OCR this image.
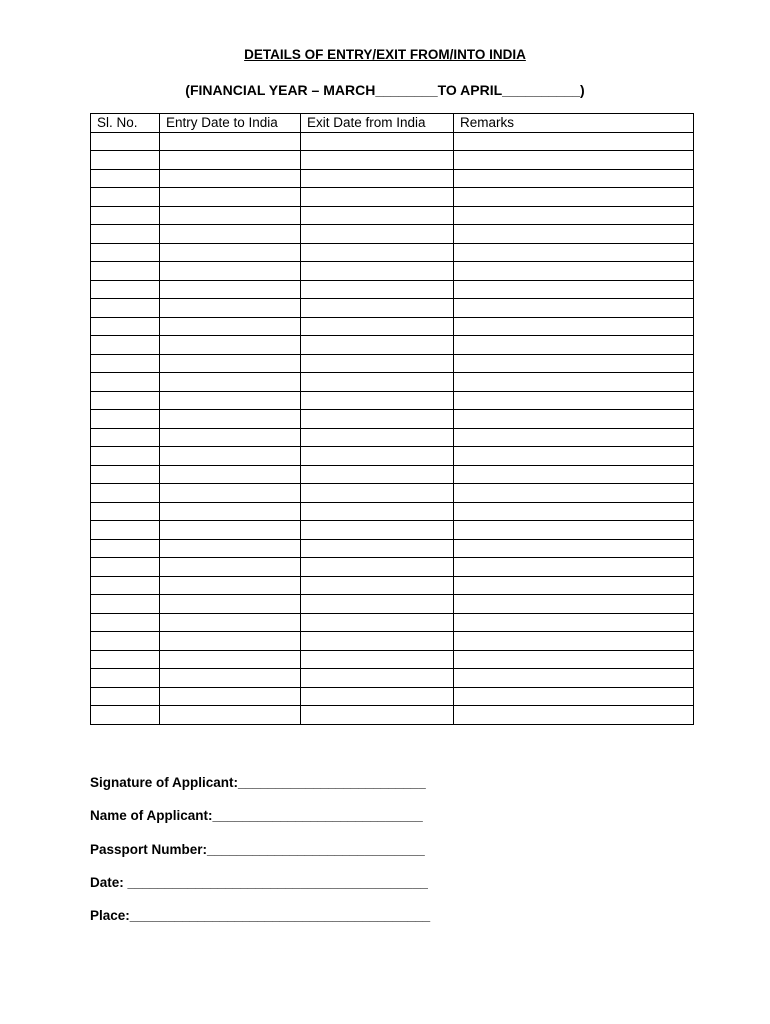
DETAILS OF ENTRY/EXIT FROM/INTO INDIA
(FINANCIAL YEAR – MARCH________TO APRIL__________)
Sl. No.	Entry Date to India	Exit Date from India	Remarks

Signature of Applicant:_________________________
Name of Applicant:____________________________
Passport Number:_____________________________
Date: ________________________________________
Place:________________________________________
